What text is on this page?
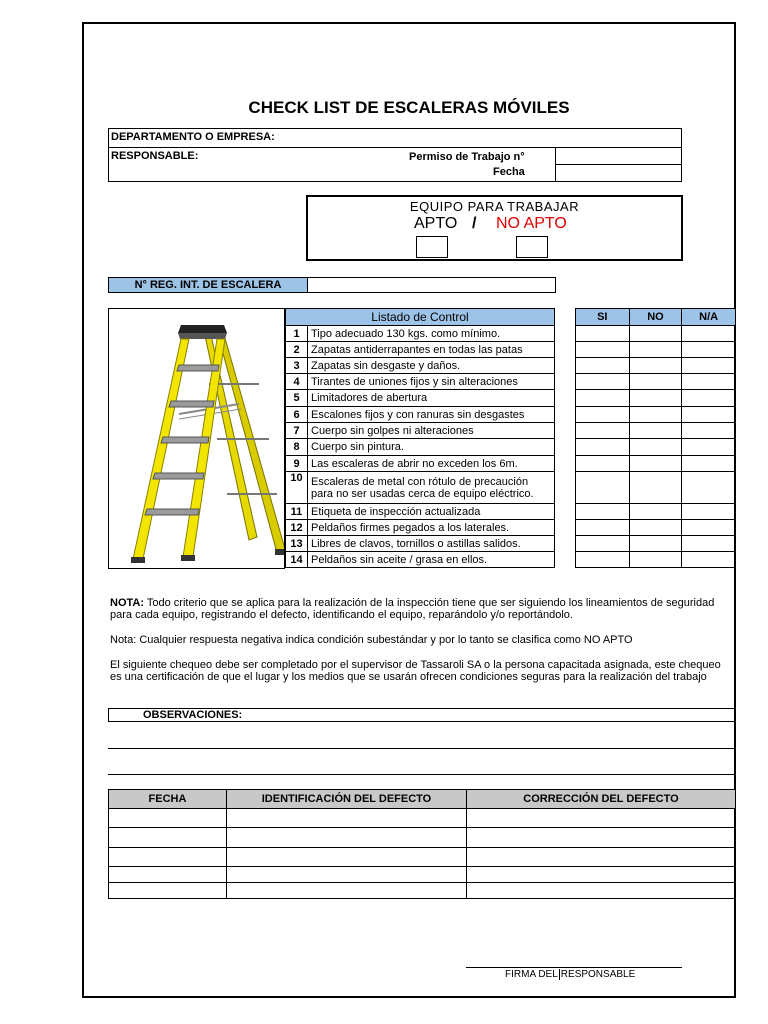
CHECK LIST DE ESCALERAS MÓVILES
DEPARTAMENTO O EMPRESA:
RESPONSABLE:	Permiso de Trabajo n°
Fecha
EQUIPO PARA TRABAJAR
APTO / NO APTO
N° REG. INT. DE ESCALERA
Listado de Control	
1	Tipo adecuado 130 kgs. como mínimo.
2	Zapatas antiderrapantes en todas las patas
3	Zapatas sin desgaste y daños.
4	Tirantes de uniones fijos y sin alteraciones
5	Limitadores de abertura
6	Escalones fijos y con ranuras sin desgastes
7	Cuerpo sin golpes ni alteraciones
8	Cuerpo sin pintura.
9	Las escaleras de abrir no exceden los 6m.
10	Escaleras de metal con rótulo de precaución para no ser usadas cerca de equipo eléctrico.
11	Etiqueta de inspección actualizada
12	Peldaños firmes pegados a los laterales.
13	Libres de clavos, tornillos o astillas salidos.
14	Peldaños sin aceite / grasa en ellos.
SI	NO	N/A

NOTA: Todo criterio que se aplica para la realización de la inspección tiene que ser siguiendo los lineamientos de seguridad para cada equipo, registrando el defecto, identificando el equipo, reparándolo y/o reportándolo.
Nota: Cualquier respuesta negativa indica condición subestándar y por lo tanto se clasifica como NO APTO
El siguiente chequeo debe ser completado por el supervisor de Tassaroli SA o la persona capacitada asignada, este chequeo es una certificación de que el lugar y los medios que se usarán ofrecen condiciones seguras para la realización del trabajo
OBSERVACIONES:
FECHA	IDENTIFICACIÓN DEL DEFECTO	CORRECCIÓN DEL DEFECTO

FIRMA DEL RESPONSABLE
